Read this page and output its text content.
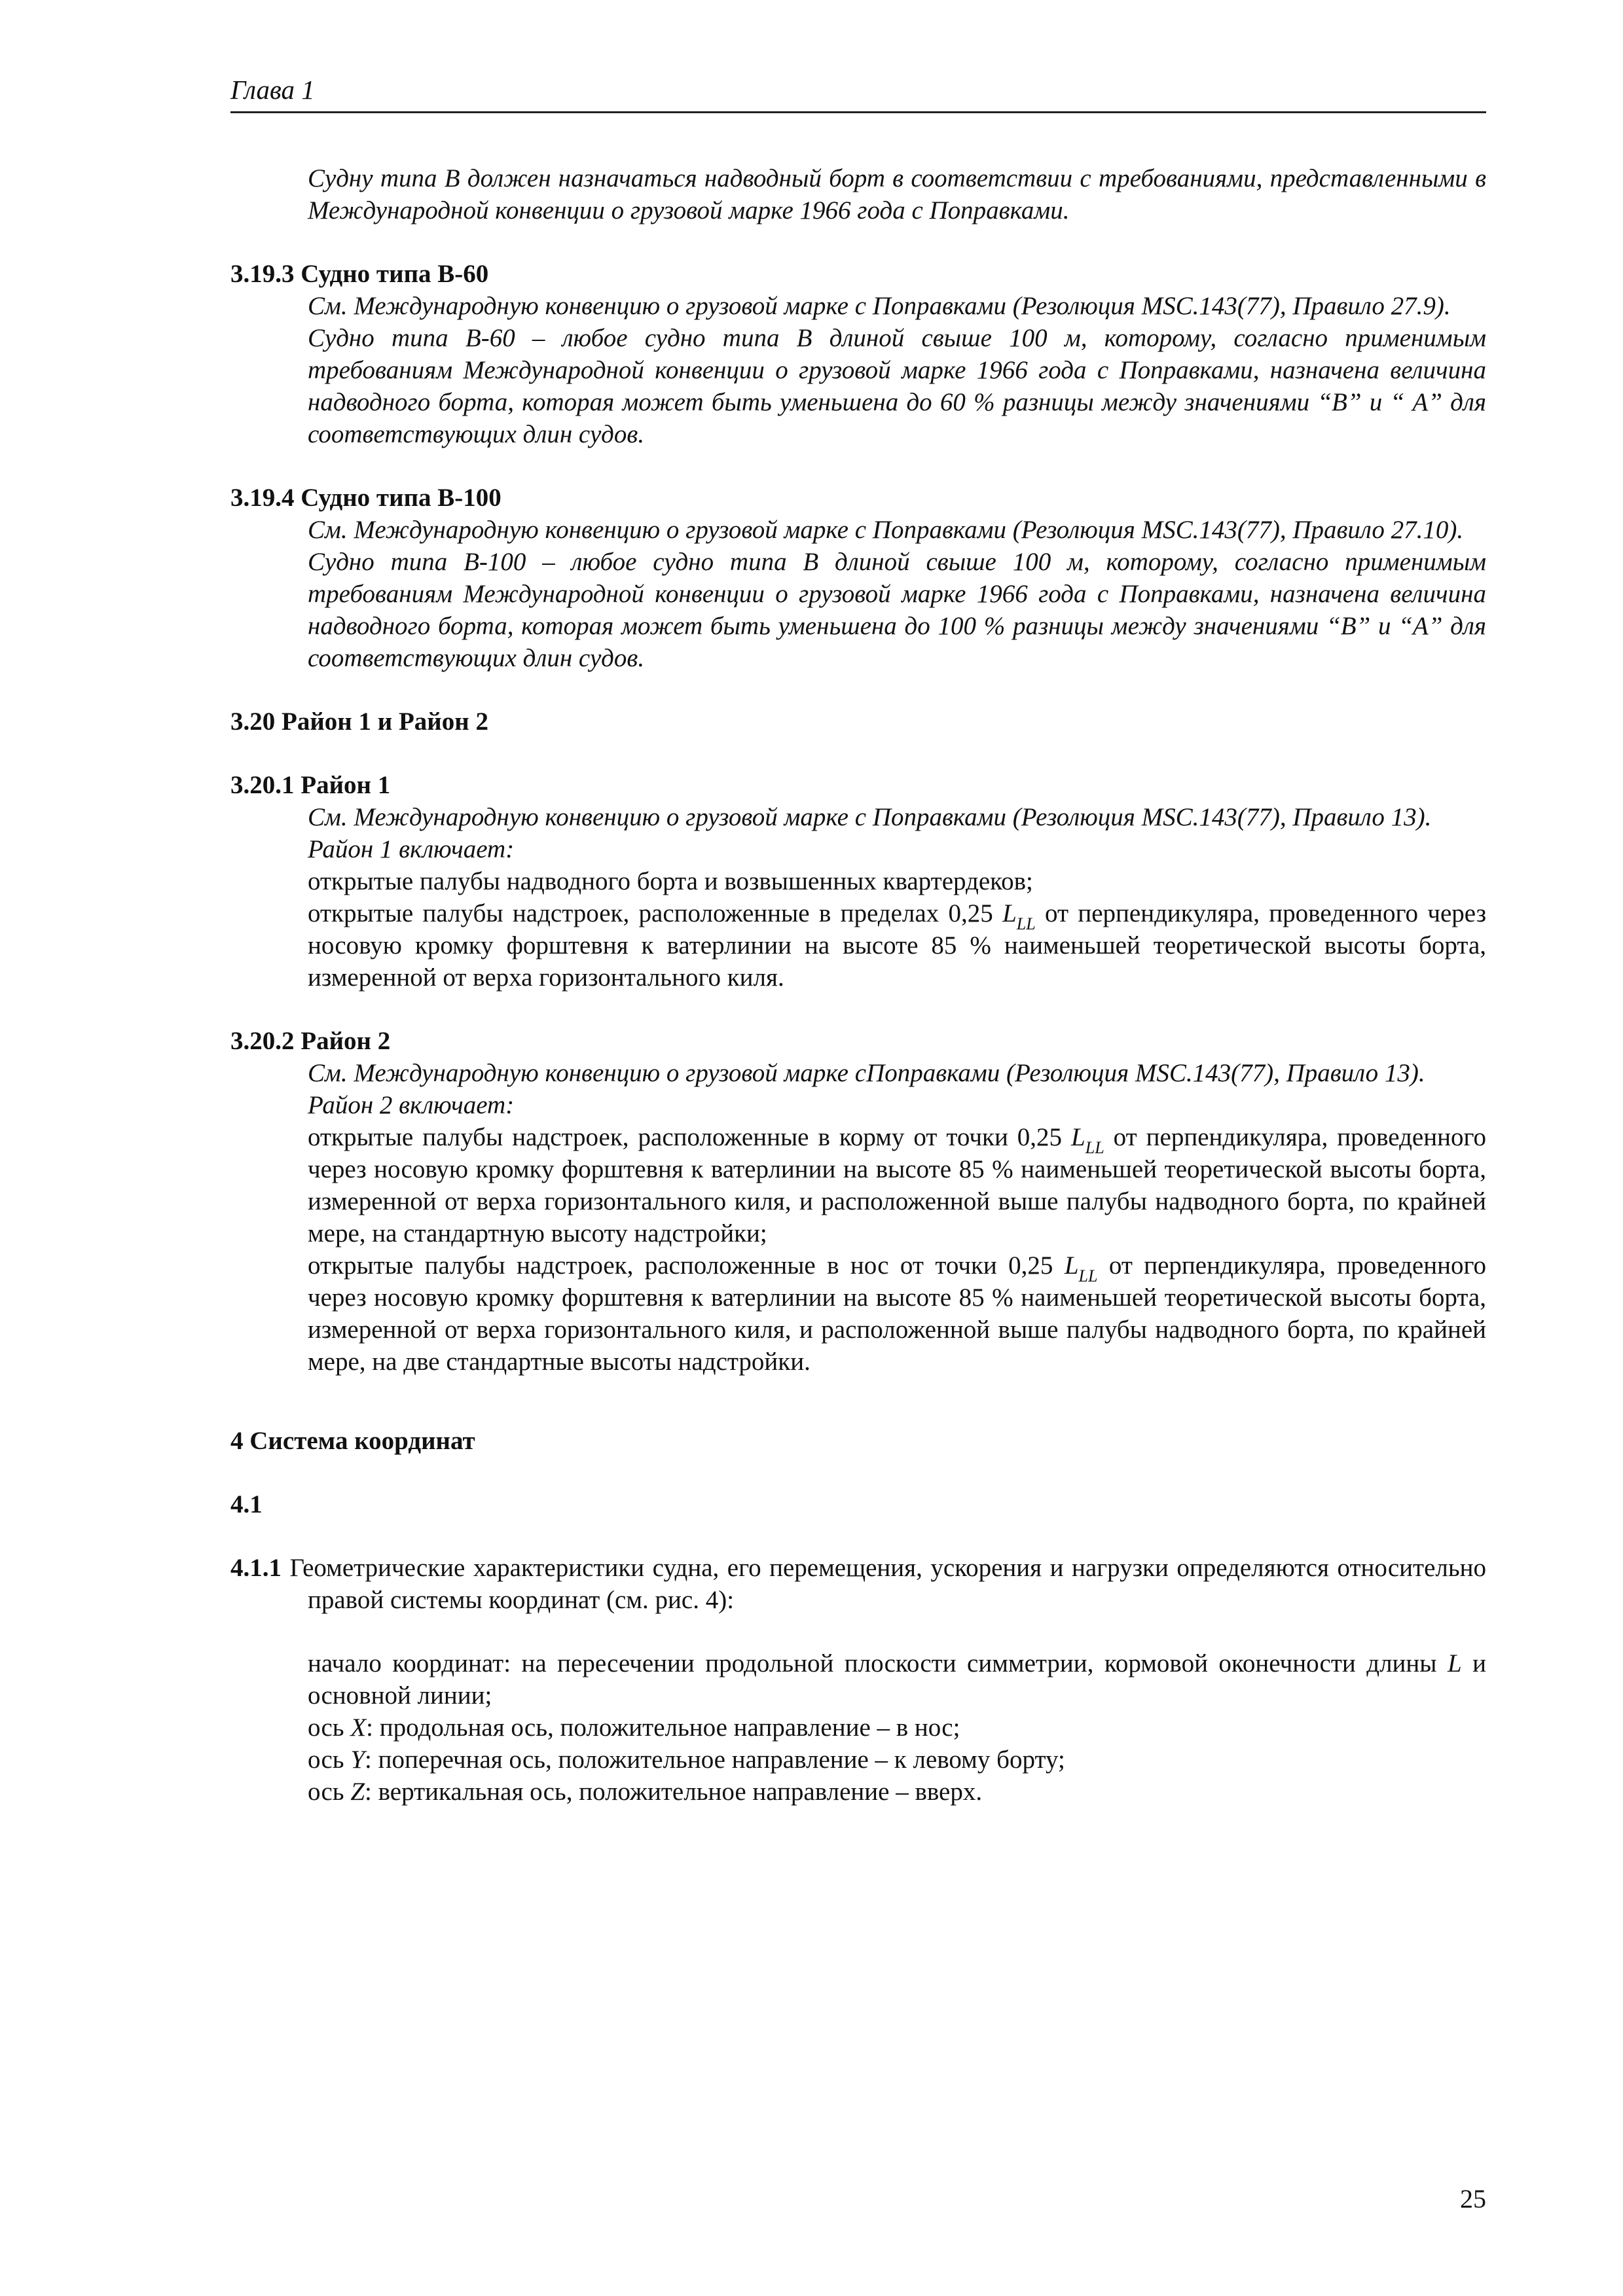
Глава 1

Судну типа В должен назначаться надводный борт в соответствии с требованиями, представленными в Международной конвенции о грузовой марке 1966 года с Поправками.

3.19.3 Судно типа В-60

См. Международную конвенцию о грузовой марке с Поправками (Резолюция MSC.143(77), Правило 27.9).

Судно типа В-60 – любое судно типа В длиной свыше 100 м, которому, согласно применимым требованиям Международной конвенции о грузовой марке 1966 года с Поправками, назначена величина надводного борта, которая может быть уменьшена до 60 % разницы между значениями “B” и “ A” для соответствующих длин судов.

3.19.4 Судно типа В-100

См. Международную конвенцию о грузовой марке с Поправками (Резолюция MSC.143(77), Правило 27.10).

Судно типа В-100 – любое судно типа В длиной свыше 100 м, которому, согласно применимым требованиям Международной конвенции о грузовой марке 1966 года с Поправками, назначена величина надводного борта, которая может быть уменьшена до 100 % разницы между значениями “B” и “A” для соответствующих длин судов.

3.20 Район 1 и Район 2

3.20.1 Район 1

См. Международную конвенцию о грузовой марке с Поправками (Резолюция MSC.143(77), Правило 13).

Район 1 включает:

открытые палубы надводного борта и возвышенных квартердеков;

открытые палубы надстроек, расположенные в пределах 0,25 $L_{LL}$ от перпендикуляра, проведенного через носовую кромку форштевня к ватерлинии на высоте 85 % наименьшей теоретической высоты борта, измеренной от верха горизонтального киля.

3.20.2 Район 2

См. Международную конвенцию о грузовой марке сПоправками (Резолюция MSC.143(77), Правило 13).

Район 2 включает:

открытые палубы надстроек, расположенные в корму от точки 0,25 $L_{LL}$ от перпендикуляра, проведенного через носовую кромку форштевня к ватерлинии на высоте 85 % наименьшей теоретической высоты борта, измеренной от верха горизонтального киля, и расположенной выше палубы надводного борта, по крайней мере, на стандартную высоту надстройки;

открытые палубы надстроек, расположенные в нос от точки 0,25 $L_{LL}$ от перпендикуляра, проведенного через носовую кромку форштевня к ватерлинии на высоте 85 % наименьшей теоретической высоты борта, измеренной от верха горизонтального киля, и расположенной выше палубы надводного борта, по крайней мере, на две стандартные высоты надстройки.

4 Система координат

4.1

4.1.1 Геометрические характеристики судна, его перемещения, ускорения и нагрузки определяются относительно правой системы координат (см. рис. 4):

начало координат: на пересечении продольной плоскости симметрии, кормовой оконечности длины L и основной линии;

ось X: продольная ось, положительное направление – в нос;

ось Y: поперечная ось, положительное направление – к левому борту;

ось Z: вертикальная ось, положительное направление – вверх.

25
